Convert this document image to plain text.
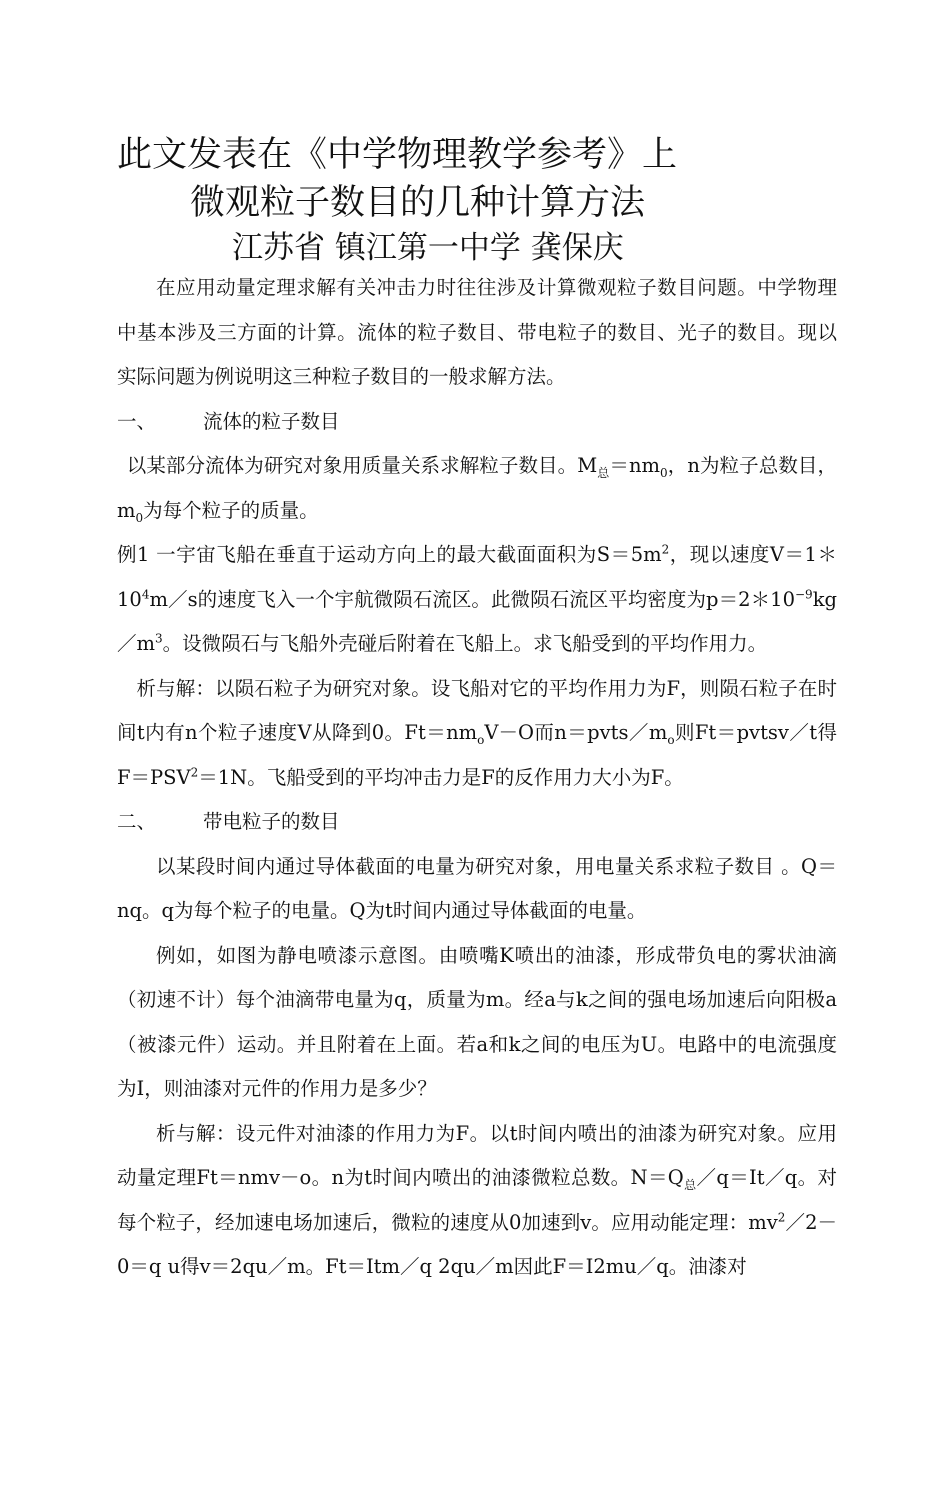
此文发表在《中学物理教学参考》上
微观粒子数目的几种计算方法
江苏省 镇江第一中学 龚保庆

在应用动量定理求解有关冲击力时往往涉及计算微观粒子数目问题。中学物理中基本涉及三方面的计算。流体的粒子数目、带电粒子的数目、光子的数目。现以实际问题为例说明这三种粒子数目的一般求解方法。

一、 流体的粒子数目

以某部分流体为研究对象用质量关系求解粒子数目。$M_总=nm_0$，n为粒子总数目，$m_0$为每个粒子的质量。

例1 一宇宙飞船在垂直于运动方向上的最大截面面积为$S=5m^2$，现以速度$V=1*10^4m/s$的速度飞入一个宇航微陨石流区。此微陨石流区平均密度为$p=2*10^{-9}kg/m^3$。设微陨石与飞船外壳碰后附着在飞船上。求飞船受到的平均作用力。

析与解：以陨石粒子为研究对象。设飞船对它的平均作用力为F，则陨石粒子在时间t内有n个粒子速度V从降到0。$Ft=nm_oV-O$而$n=pvts/m_o$则Ft＝pvtsv／t得$F=PSV^2=1N$。飞船受到的平均冲击力是F的反作用力大小为F。

二、 带电粒子的数目

以某段时间内通过导体截面的电量为研究对象，用电量关系求粒子数目 。Q＝nq。q为每个粒子的电量。Q为t时间内通过导体截面的电量。

例如，如图为静电喷漆示意图。由喷嘴K喷出的油漆，形成带负电的雾状油滴（初速不计）每个油滴带电量为q，质量为m。经a与k之间的强电场加速后向阳极a（被漆元件）运动。并且附着在上面。若a和k之间的电压为U。电路中的电流强度为I，则油漆对元件的作用力是多少？

析与解：设元件对油漆的作用力为F。以t时间内喷出的油漆为研究对象。应用动量定理Ft＝nmv－o。n为t时间内喷出的油漆微粒总数。$N=Q_总/q=It/q$。对每个粒子，经加速电场加速后，微粒的速度从0加速到v。应用动能定理：$mv^2/2-0=q$ u得v＝2qu／m。Ft＝Itm／q 2qu／m因此F＝I2mu／q。油漆对
